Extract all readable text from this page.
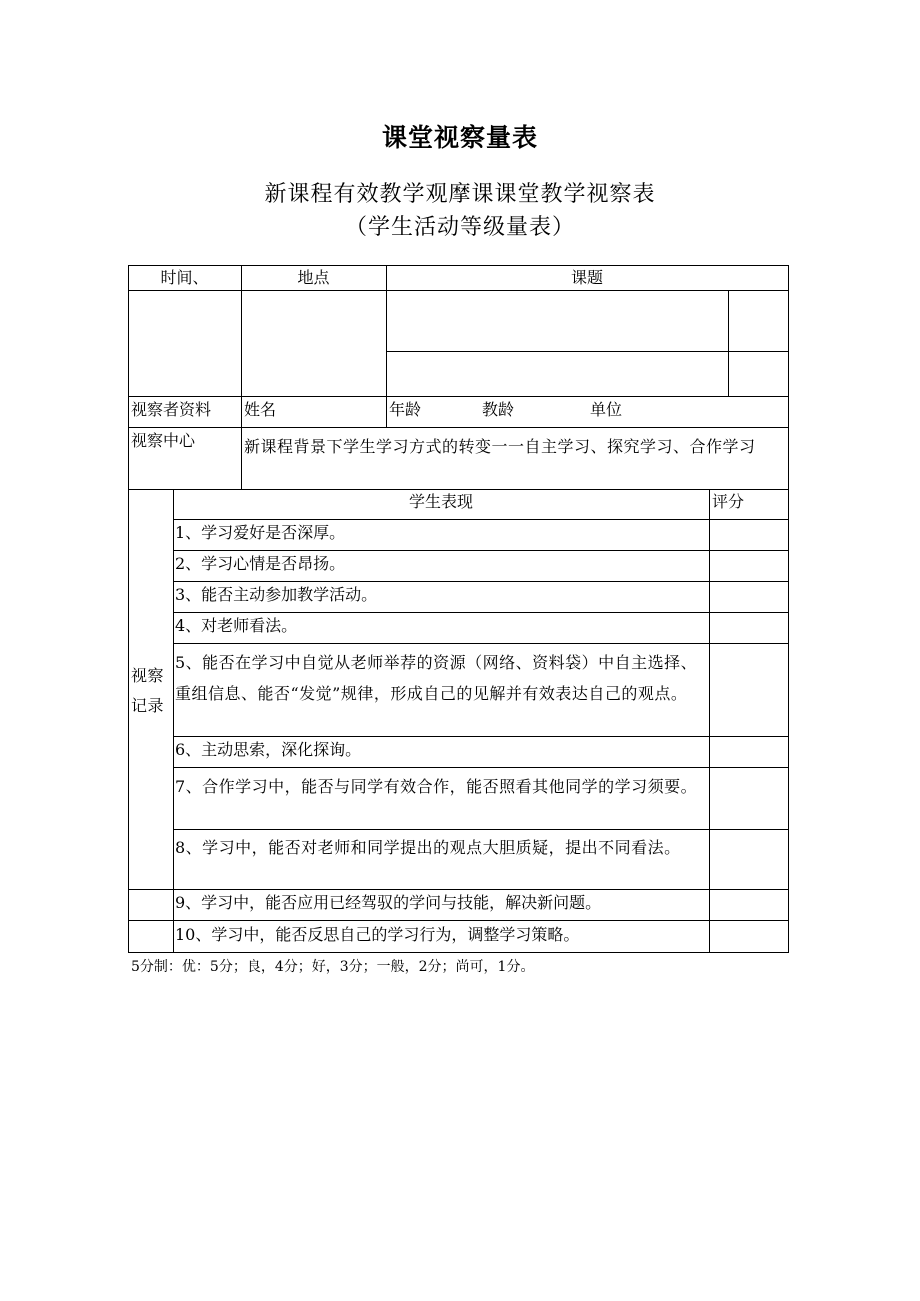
课堂视察量表
新课程有效教学观摩课课堂教学视察表
（学生活动等级量表）
时间、	地点	课题
视察者资料 姓名	年龄	教龄	单位
视察中心	新课程背景下学生学习方式的转变一一自主学习、探究学习、合作学习
视察记录
学生表现	评分
1、学习爱好是否深厚。
2、学习心情是否昂扬。
3、能否主动参加教学活动。
4、对老师看法。
5、能否在学习中自觉从老师举荐的资源（网络、资料袋）中自主选择、重组信息、能否“发觉”规律，形成自己的见解并有效表达自己的观点。
6、主动思索，深化探询。
7、合作学习中，能否与同学有效合作，能否照看其他同学的学习须要。
8、学习中，能否对老师和同学提出的观点大胆质疑，提出不同看法。
9、学习中，能否应用已经驾驭的学问与技能，解决新问题。
10、学习中，能否反思自己的学习行为，调整学习策略。
5分制：优：5分；良，4分；好，3分；一般，2分；尚可，1分。
